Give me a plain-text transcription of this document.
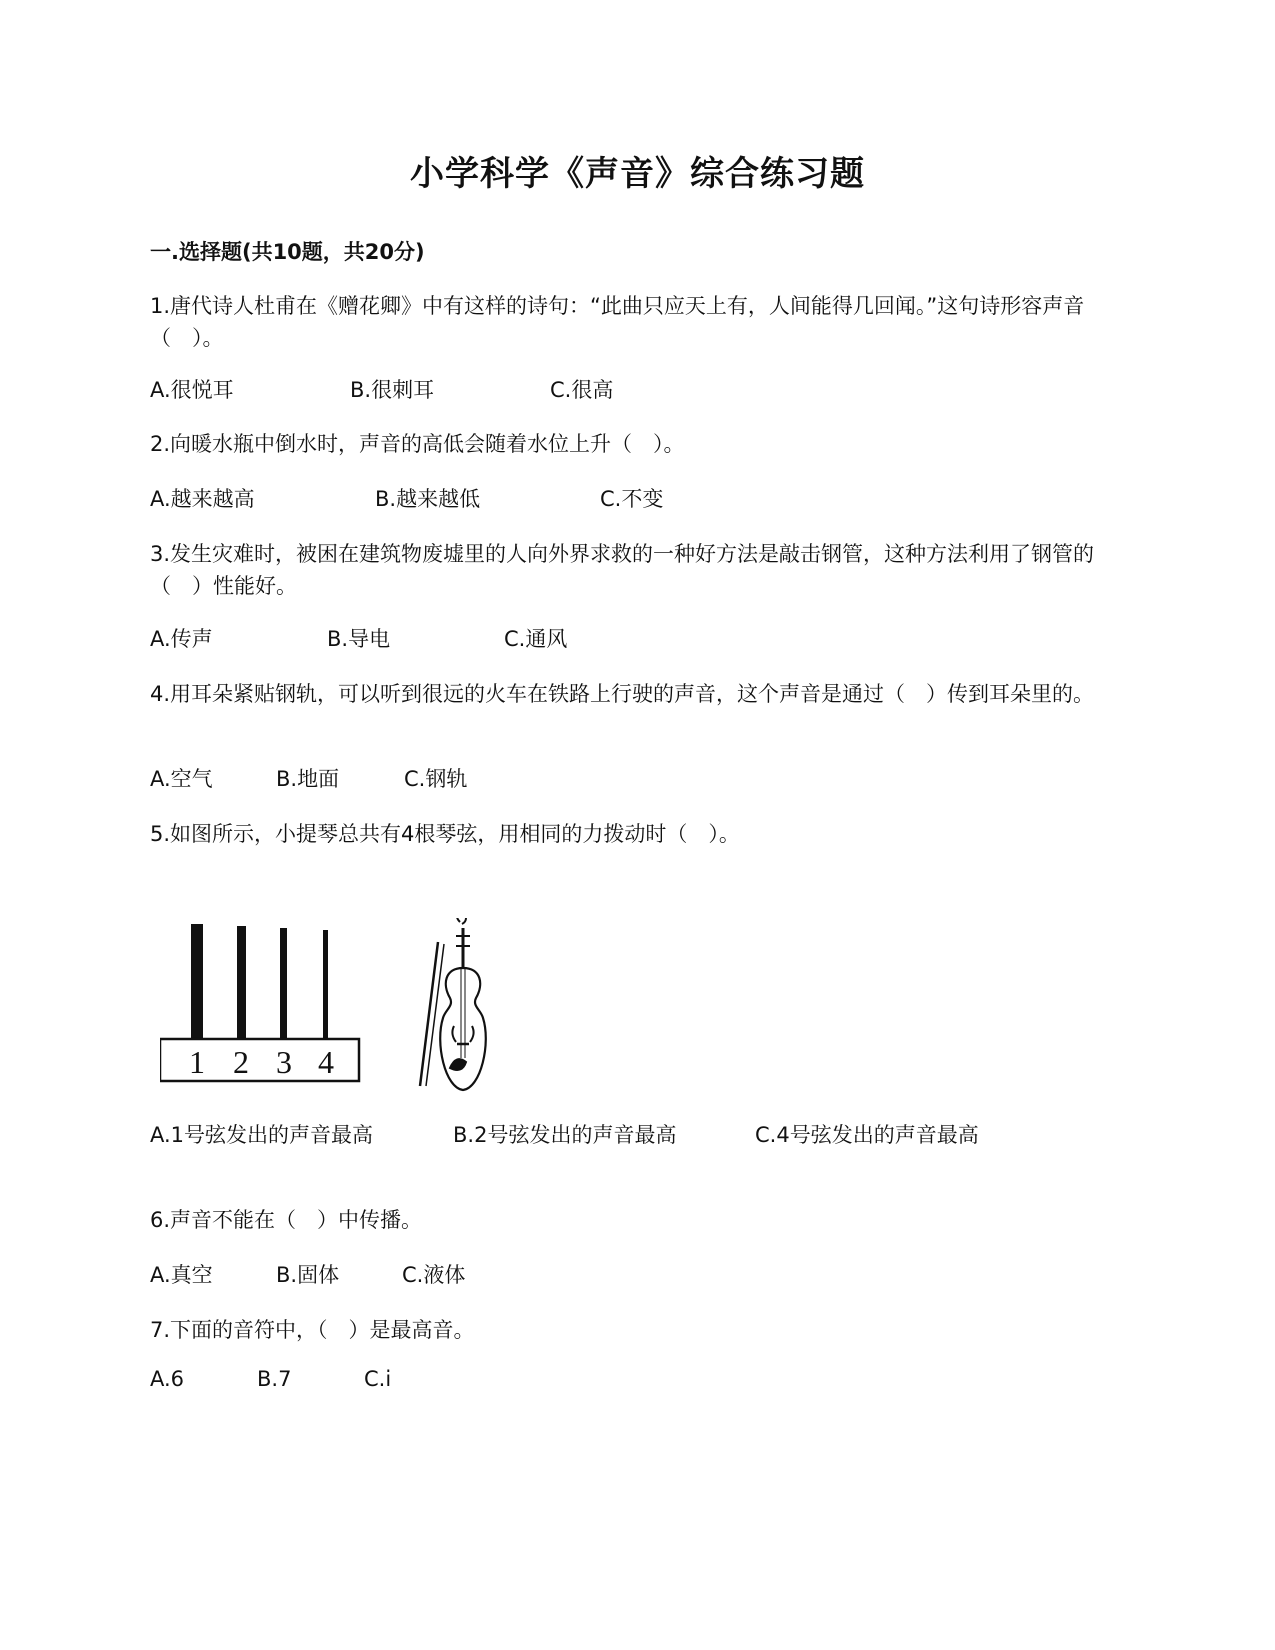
小学科学《声音》综合练习题
一.选择题(共10题，共20分)
1.唐代诗人杜甫在《赠花卿》中有这样的诗句：“此曲只应天上有，人间能得几回闻。”这句诗形容声音（　）。
A.很悦耳	B.很刺耳	C.很高
2.向暖水瓶中倒水时，声音的高低会随着水位上升（　）。
A.越来越高	B.越来越低	C.不变
3.发生灾难时，被困在建筑物废墟里的人向外界求救的一种好方法是敲击钢管，这种方法利用了钢管的（　）性能好。
A.传声	B.导电	C.通风
4.用耳朵紧贴钢轨，可以听到很远的火车在铁路上行驶的声音，这个声音是通过（　）传到耳朵里的。
A.空气	B.地面	C.钢轨
5.如图所示，小提琴总共有4根琴弦，用相同的力拨动时（　）。
1 2 3 4
A.1号弦发出的声音最高	B.2号弦发出的声音最高	C.4号弦发出的声音最高
6.声音不能在（　）中传播。
A.真空	B.固体	C.液体
7.下面的音符中，（　）是最高音。
A.6	B.7	C.i
